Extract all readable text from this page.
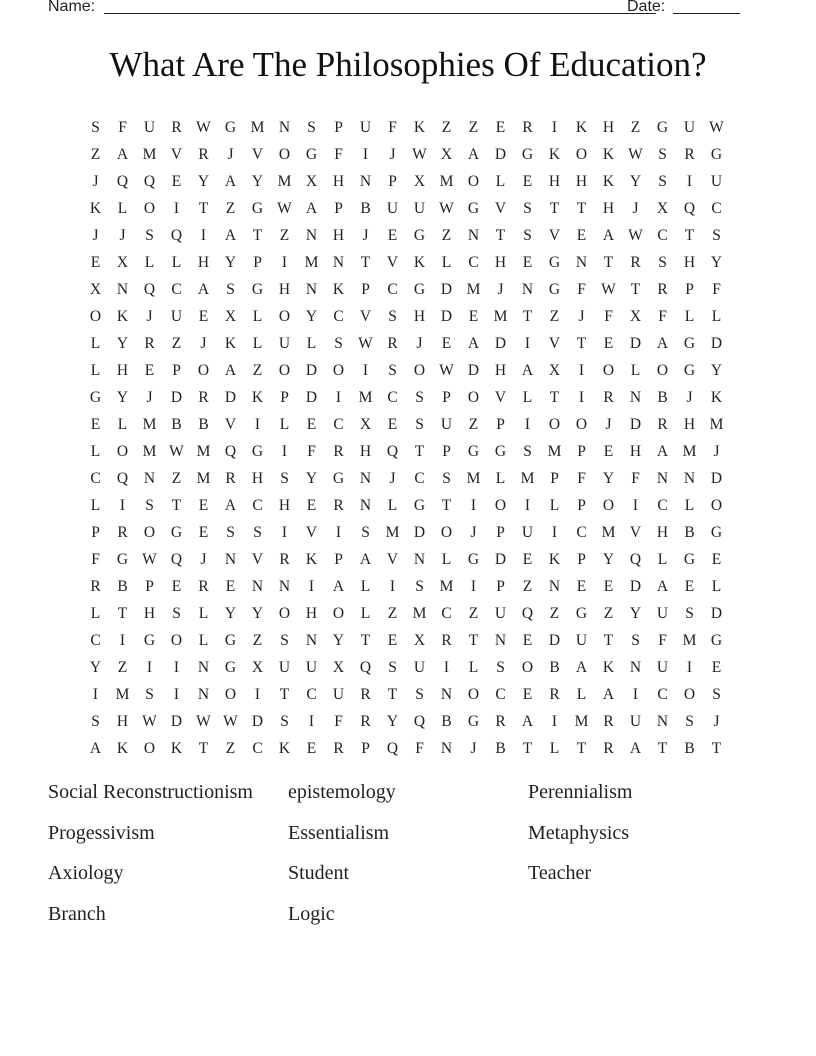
Name:	Date:
What Are The Philosophies Of Education?
S	F	U	R W G M N	S	P	U	F	K	Z	Z	E	R	I	K	H	Z	G	U W
Z	A M V	R	J	V	O	G	F	I	J	W X	A	D	G	K	O	K W S	R	G
J	Q	Q	E	Y	A	Y M X	H	N	P	X M O	L	E	H	H	K	Y	S	I	U
K	L	O	I	T	Z	G W A	P	B	U	U W G	V	S	T	T	H	J	X	Q	C
J	J	S	Q	I	A	T	Z	N	H	J	E	G	Z	N	T	S	V	E	A W C	T	S
E	X	L	L	H	Y	P	I	M N	T	V	K	L	C	H	E	G	N	T	R	S	H	Y
X	N	Q	C	A	S	G	H	N	K	P	C	G	D M	J	N	G	F W T	R	P	F
O	K	J	U	E	X	L	O	Y	C	V	S	H	D	E M T	Z	J	F	X	F	L	L
L	Y	R	Z	J	K	L	U	L	S W R	J	E	A	D	I	V	T	E	D	A	G	D
L	H	E	P	O	A	Z	O	D	O	I	S	O W D	H	A	X	I	O	L	O	G	Y
G	Y	J	D	R	D	K	P	D	I	M C	S	P	O	V	L	T	I	R	N	B	J	K
E	L M B	B	V	I	L	E	C	X	E	S	U	Z	P	I	O	O	J	D	R	H M
L	O M W M Q	G	I	F	R	H	Q	T	P	G	G	S	M	P	E	H	A M	J
C	Q	N	Z M R	H	S	Y	G	N	J	C	S	M L M	P	F	Y	F	N	N	D
L	I	S	T	E	A	C	H	E	R	N	L	G	T	I	O	I	L	P	O	I	C	L	O
P	R	O	G	E	S	S	I	V	I	S	M D	O	J	P	U	I	C M V	H	B	G
F	G W Q	J	N	V	R	K	P	A	V	N	L	G	D	E	K	P	Y	Q	L	G	E
R	B	P	E	R	E	N	N	I	A	L	I	S	M	I	P	Z	N	E	E	D	A	E	L
L	T	H	S	L	Y	Y	O	H	O	L	Z M C	Z	U	Q	Z	G	Z	Y	U	S	D
C	I	G	O	L	G	Z	S	N	Y	T	E	X	R	T	N	E	D	U	T	S	F	M G
Y	Z	I	I	N	G	X	U	U	X	Q	S	U	I	L	S	O	B	A	K	N	U	I	E
I	M	S	I	N	O	I	T	C	U	R	T	S	N	O	C	E	R	L	A	I	C	O	S
S	H W D W W D	S	I	F	R	Y	Q	B	G	R	A	I	M R	U	N	S	J
A	K	O	K	T	Z	C	K	E	R	P	Q	F	N	J	B	T	L	T	R	A	T	B	T
Social Reconstructionism	epistemology	Perennialism
Progessivism	Essentialism	Metaphysics
Axiology	Student	Teacher
Branch	Logic
